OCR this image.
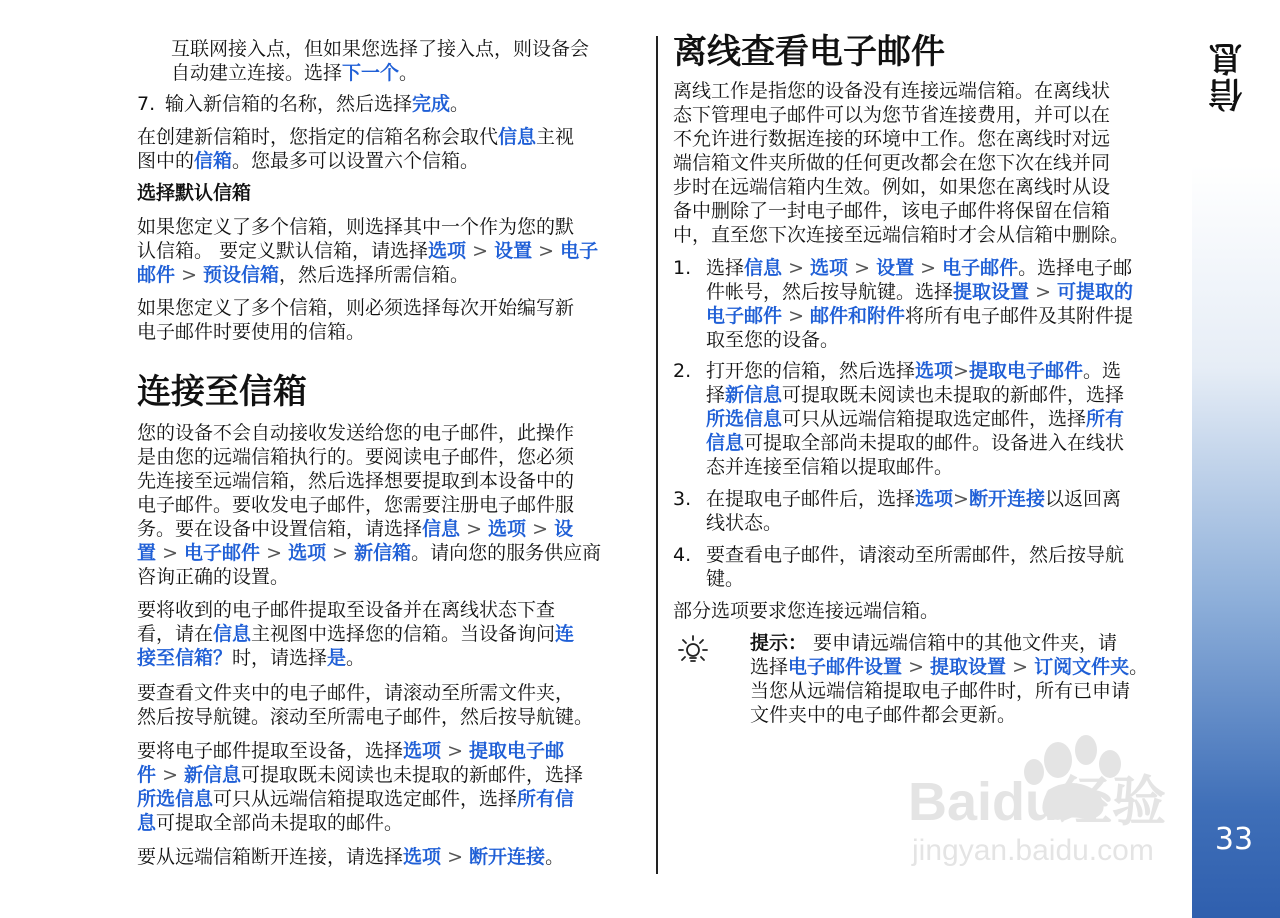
互联网接入点，但如果您选择了接入点，则设备会

自动建立连接。选择下一个。

7. 输入新信箱的名称，然后选择完成。

在创建新信箱时，您指定的信箱名称会取代信息主视

图中的信箱。您最多可以设置六个信箱。

选择默认信箱

如果您定义了多个信箱，则选择其中一个作为您的默

认信箱。 要定义默认信箱，请选择选项 > 设置 > 电子

邮件 > 预设信箱，然后选择所需信箱。

如果您定义了多个信箱，则必须选择每次开始编写新

电子邮件时要使用的信箱。

连接至信箱

您的设备不会自动接收发送给您的电子邮件，此操作

是由您的远端信箱执行的。要阅读电子邮件，您必须

先连接至远端信箱，然后选择想要提取到本设备中的

电子邮件。要收发电子邮件，您需要注册电子邮件服

务。要在设备中设置信箱，请选择信息 > 选项 > 设

置 > 电子邮件 > 选项 > 新信箱。请向您的服务供应商

咨询正确的设置。

要将收到的电子邮件提取至设备并在离线状态下查

看，请在信息主视图中选择您的信箱。当设备询问连

接至信箱？时，请选择是。

要查看文件夹中的电子邮件，请滚动至所需文件夹，

然后按导航键。滚动至所需电子邮件，然后按导航键。

要将电子邮件提取至设备，选择选项 > 提取电子邮

件 > 新信息可提取既未阅读也未提取的新邮件，选择

所选信息可只从远端信箱提取选定邮件，选择所有信

息可提取全部尚未提取的邮件。

要从远端信箱断开连接，请选择选项 > 断开连接。

离线查看电子邮件

离线工作是指您的设备没有连接远端信箱。在离线状

态下管理电子邮件可以为您节省连接费用，并可以在

不允许进行数据连接的环境中工作。您在离线时对远

端信箱文件夹所做的任何更改都会在您下次在线并同

步时在远端信箱内生效。例如，如果您在离线时从设

备中删除了一封电子邮件，该电子邮件将保留在信箱

中，直至您下次连接至远端信箱时才会从信箱中删除。

1. 选择信息 > 选项 > 设置 > 电子邮件。选择电子邮

件帐号，然后按导航键。选择提取设置 > 可提取的

电子邮件 > 邮件和附件将所有电子邮件及其附件提

取至您的设备。

2. 打开您的信箱，然后选择选项>提取电子邮件。选

择新信息可提取既未阅读也未提取的新邮件，选择

所选信息可只从远端信箱提取选定邮件，选择所有

信息可提取全部尚未提取的邮件。设备进入在线状

态并连接至信箱以提取邮件。

3. 在提取电子邮件后，选择选项>断开连接以返回离

线状态。

4. 要查看电子邮件，请滚动至所需邮件，然后按导航

键。

部分选项要求您连接远端信箱。

提示： 要申请远端信箱中的其他文件夹，请

选择电子邮件设置 > 提取设置 > 订阅文件夹。

当您从远端信箱提取电子邮件时，所有已申请

文件夹中的电子邮件都会更新。

信息
33
Baidu经验
jingyan.baidu.com
